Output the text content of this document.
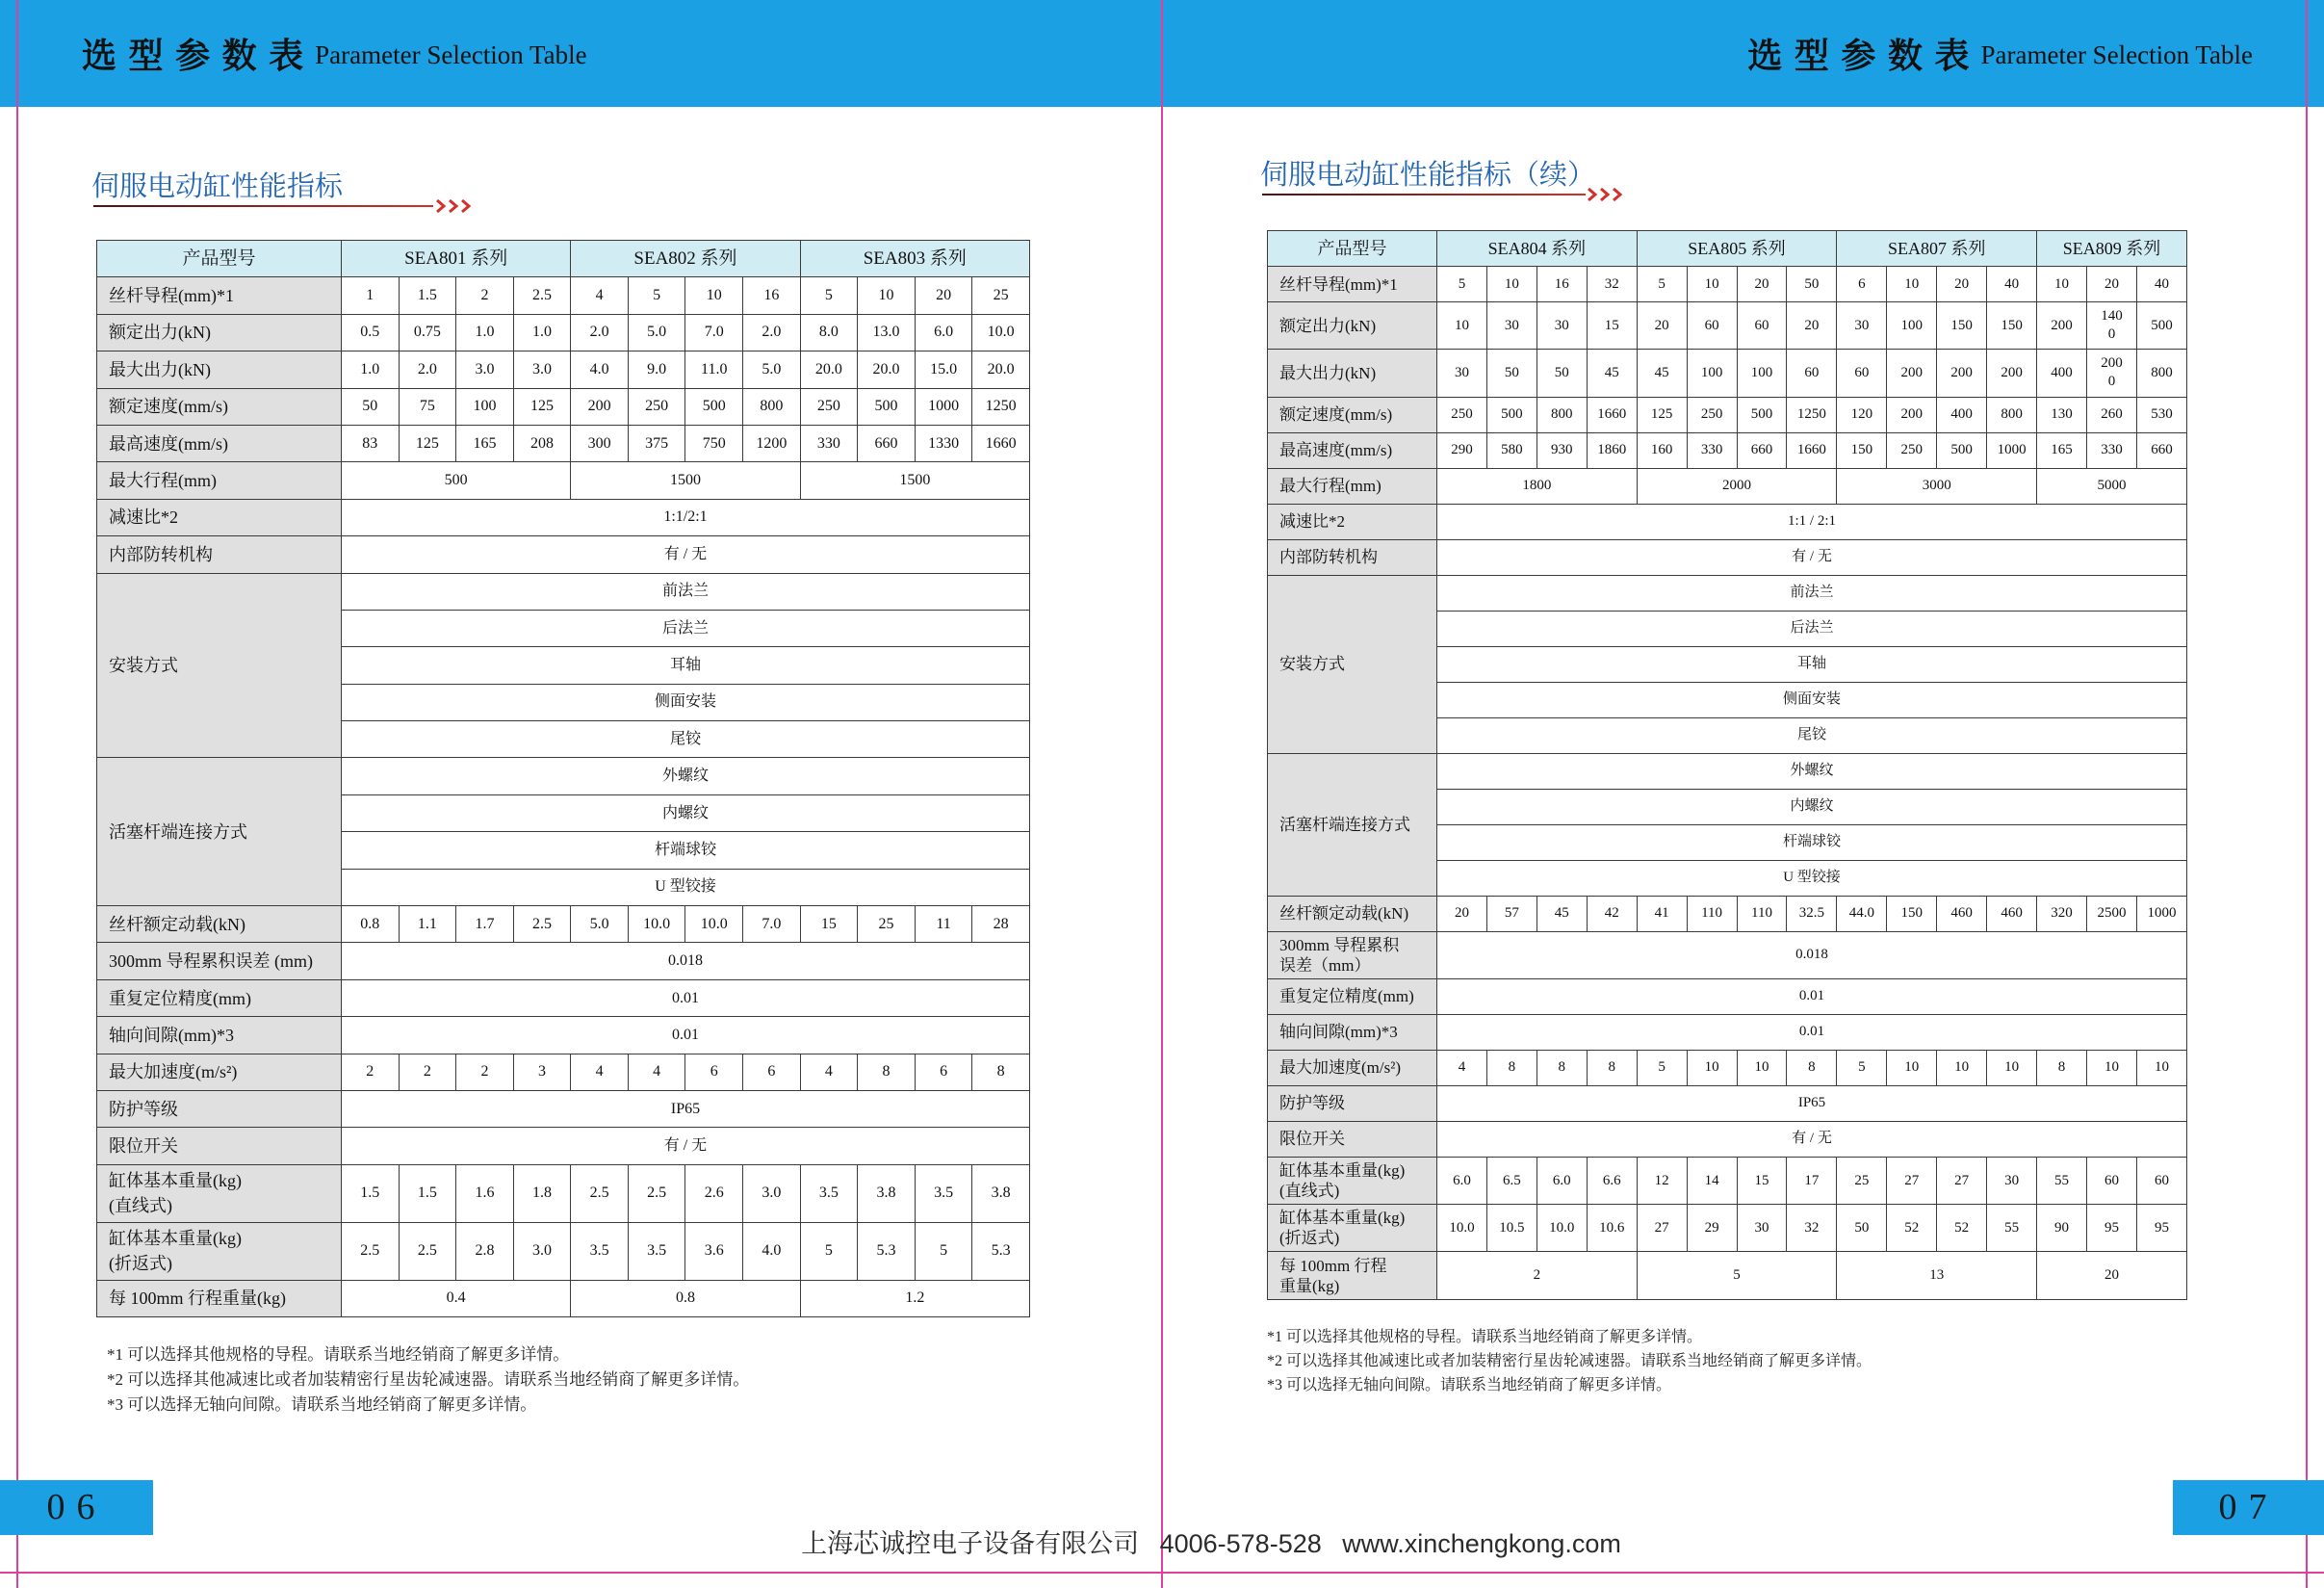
选 型 参 数 表 Parameter Selection Table	选 型 参 数 表 Parameter Selection Table
伺服电动缸性能指标
产品型号	SEA801 系列				SEA802 系列				SEA803 系列			
丝杆导程(mm)*1	1	1.5	2	2.5	4	5	10	16	5	10	20	25
额定出力(kN)	0.5	0.75	1.0	1.0	2.0	5.0	7.0	2.0	8.0	13.0	6.0	10.0
最大出力(kN)	1.0	2.0	3.0	3.0	4.0	9.0	11.0	5.0	20.0	20.0	15.0	20.0
额定速度(mm/s)	50	75	100	125	200	250	500	800	250	500	1000	1250
最高速度(mm/s)	83	125	165	208	300	375	750	1200	330	660	1330	1660
最大行程(mm)	500				1500				1500			
减速比*2	1:1/2:1											
内部防转机构	有 / 无											
安装方式	前法兰											
	后法兰											
	耳轴											
	侧面安装											
	尾铰											
活塞杆端连接方式	外螺纹											
	内螺纹											
	杆端球铰											
	U 型铰接											
丝杆额定动载(kN)	0.8	1.1	1.7	2.5	5.0	10.0	10.0	7.0	15	25	11	28
300mm 导程累积误差 (mm)	0.018											
重复定位精度(mm)	0.01											
轴向间隙(mm)*3	0.01											
最大加速度(m/s²)	2	2	2	3	4	4	6	6	4	8	6	8
防护等级	IP65											
限位开关	有 / 无											
缸体基本重量(kg)
(直线式)	1.5	1.5	1.6	1.8	2.5	2.5	2.6	3.0	3.5	3.8	3.5	3.8
缸体基本重量(kg)
(折返式)	2.5	2.5	2.8	3.0	3.5	3.5	3.6	4.0	5	5.3	5	5.3
每 100mm 行程重量(kg)	0.4				0.8				1.2			
*1 可以选择其他规格的导程。请联系当地经销商了解更多详情。
*2 可以选择其他减速比或者加装精密行星齿轮减速器。请联系当地经销商了解更多详情。
*3 可以选择无轴向间隙。请联系当地经销商了解更多详情。
06
伺服电动缸性能指标（续）
产品型号	SEA804 系列				SEA805 系列				SEA807 系列				SEA809 系列		
丝杆导程(mm)*1	5	10	16	32	5	10	20	50	6	10	20	40	10	20	40
额定出力(kN)	10	30	30	15	20	60	60	20	30	100	150	150	200	1400	500
最大出力(kN)	30	50	50	45	45	100	100	60	60	200	200	200	400	2000	800
额定速度(mm/s)	250	500	800	1660	125	250	500	1250	120	200	400	800	130	260	530
最高速度(mm/s)	290	580	930	1860	160	330	660	1660	150	250	500	1000	165	330	660
最大行程(mm)	1800				2000				3000				5000		
减速比*2	1:1 / 2:1														
内部防转机构	有 / 无														
安装方式	前法兰														
	后法兰														
	耳轴														
	侧面安装														
	尾铰														
活塞杆端连接方式	外螺纹														
	内螺纹														
	杆端球铰														
	U 型铰接														
丝杆额定动载(kN)	20	57	45	42	41	110	110	32.5	44.0	150	460	460	320	2500	1000
300mm 导程累积
误差（mm）	0.018														
重复定位精度(mm)	0.01														
轴向间隙(mm)*3	0.01														
最大加速度(m/s²)	4	8	8	8	5	10	10	8	5	10	10	10	8	10	10
防护等级	IP65														
限位开关	有 / 无														
缸体基本重量(kg)
(直线式)	6.0	6.5	6.0	6.6	12	14	15	17	25	27	27	30	55	60	60
缸体基本重量(kg)
(折返式)	10.0	10.5	10.0	10.6	27	29	30	32	50	52	52	55	90	95	95
每 100mm 行程
重量(kg)	2				5				13				20		
*1 可以选择其他规格的导程。请联系当地经销商了解更多详情。
*2 可以选择其他减速比或者加装精密行星齿轮减速器。请联系当地经销商了解更多详情。
*3 可以选择无轴向间隙。请联系当地经销商了解更多详情。
07
上海芯诚控电子设备有限公司 4006-578-528 www.xinchengkong.com
